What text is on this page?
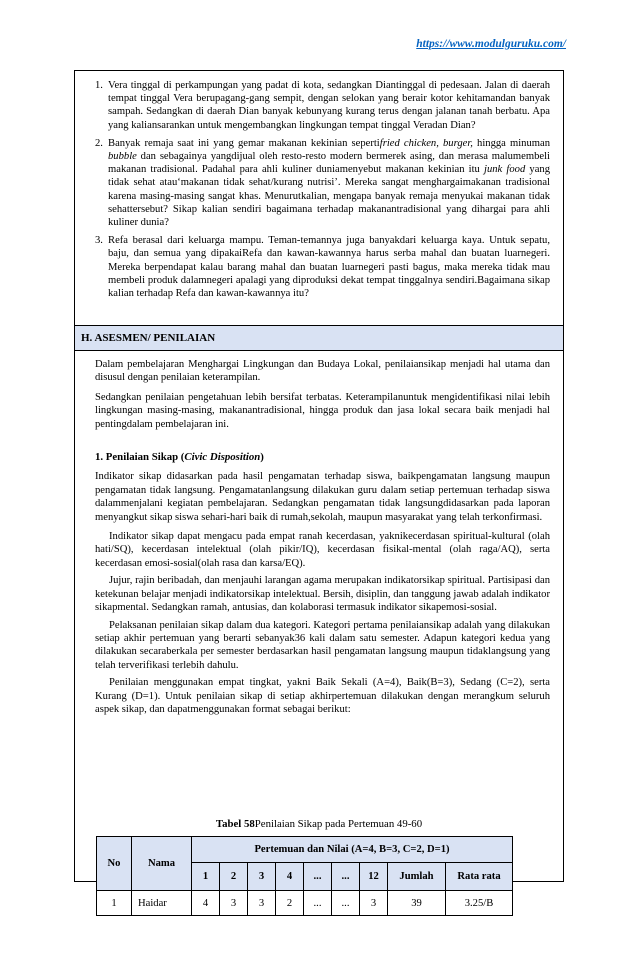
https://www.modulguruku.com/
1. Vera tinggal di perkampungan yang padat di kota, sedangkan Diantinggal di pedesaan. Jalan di daerah tempat tinggal Vera berupagang-gang sempit, dengan selokan yang berair kotor kehitamandan banyak sampah. Sedangkan di daerah Dian banyak kebunyang kurang terus dengan jalanan tanah berbatu. Apa yang kaliansarankan untuk mengembangkan lingkungan tempat tinggal Veradan Dian?
2. Banyak remaja saat ini yang gemar makanan kekinian sepertifried chicken, burger, hingga minuman bubble dan sebagainya yangdijual oleh resto-resto modern bermerek asing, dan merasa malumembeli makanan tradisional. Padahal para ahli kuliner duniamenyebut makanan kekinian itu junk food yang tidak sehat atau‘makanan tidak sehat/kurang nutrisi’. Mereka sangat menghargaimakanan tradisional karena masing-masing sangat khas. Menurutkalian, mengapa banyak remaja menyukai makanan tidak sehattersebut? Sikap kalian sendiri bagaimana terhadap makanantradisional yang dihargai para ahli kuliner dunia?
3. Refa berasal dari keluarga mampu. Teman-temannya juga banyakdari keluarga kaya. Untuk sepatu, baju, dan semua yang dipakaiRefa dan kawan-kawannya harus serba mahal dan buatan luarnegeri. Mereka berpendapat kalau barang mahal dan buatan luarnegeri pasti bagus, maka mereka tidak mau membeli produk dalamnegeri apalagi yang diproduksi dekat tempat tinggalnya sendiri.Bagaimana sikap kalian terhadap Refa dan kawan-kawannya itu?
H. ASESMEN/ PENILAIAN

Dalam pembelajaran Menghargai Lingkungan dan Budaya Lokal, penilaiansikap menjadi hal utama dan disusul dengan penilaian keterampilan.

Sedangkan penilaian pengetahuan lebih bersifat terbatas. Keterampilanuntuk mengidentifikasi nilai lebih lingkungan masing-masing, makanantradisional, hingga produk dan jasa lokal secara baik menjadi hal pentingdalam pembelajaran ini.

1. Penilaian Sikap (Civic Disposition)

Indikator sikap didasarkan pada hasil pengamatan terhadap siswa, baikpengamatan langsung maupun pengamatan tidak langsung. Pengamatanlangsung dilakukan guru dalam setiap pertemuan terhadap siswa dalammenjalani kegiatan pembelajaran. Sedangkan pengamatan tidak langsungdidasarkan pada laporan menyangkut sikap siswa sehari-hari baik di rumah,sekolah, maupun masyarakat yang telah terkonfirmasi.

Indikator sikap dapat mengacu pada empat ranah kecerdasan, yaknikecerdasan spiritual-kultural (olah hati/SQ), kecerdasan intelektual (olah pikir/IQ), kecerdasan fisikal-mental (olah raga/AQ), serta kecerdasan emosi-sosial(olah rasa dan karsa/EQ).

Jujur, rajin beribadah, dan menjauhi larangan agama merupakan indikatorsikap spiritual. Partisipasi dan ketekunan belajar menjadi indikatorsikap intelektual. Bersih, disiplin, dan tanggung jawab adalah indikator sikapmental. Sedangkan ramah, antusias, dan kolaborasi termasuk indikator sikapemosi-sosial.

Pelaksanan penilaian sikap dalam dua kategori. Kategori pertama penilaiansikap adalah yang dilakukan setiap akhir pertemuan yang berarti sebanyak36 kali dalam satu semester. Adapun kategori kedua yang dilakukan secaraberkala per semester berdasarkan hasil pengamatan langsung maupun tidaklangsung yang telah terverifikasi terlebih dahulu.

Penilaian menggunakan empat tingkat, yakni Baik Sekali (A=4), Baik(B=3), Sedang (C=2), serta Kurang (D=1). Untuk penilaian sikap di setiap akhirpertemuan dilakukan dengan merangkum seluruh aspek sikap, dan dapatmenggunakan format sebagai berikut:

Tabel 58Penilaian Sikap pada Pertemuan 49-60
No	Nama	Pertemuan dan Nilai (A=4, B=3, C=2, D=1)								
		1	2	3	4	...	...	12	Jumlah	Rata rata
1	Haidar	4	3	3	2	...	...	3	39	3.25/B
